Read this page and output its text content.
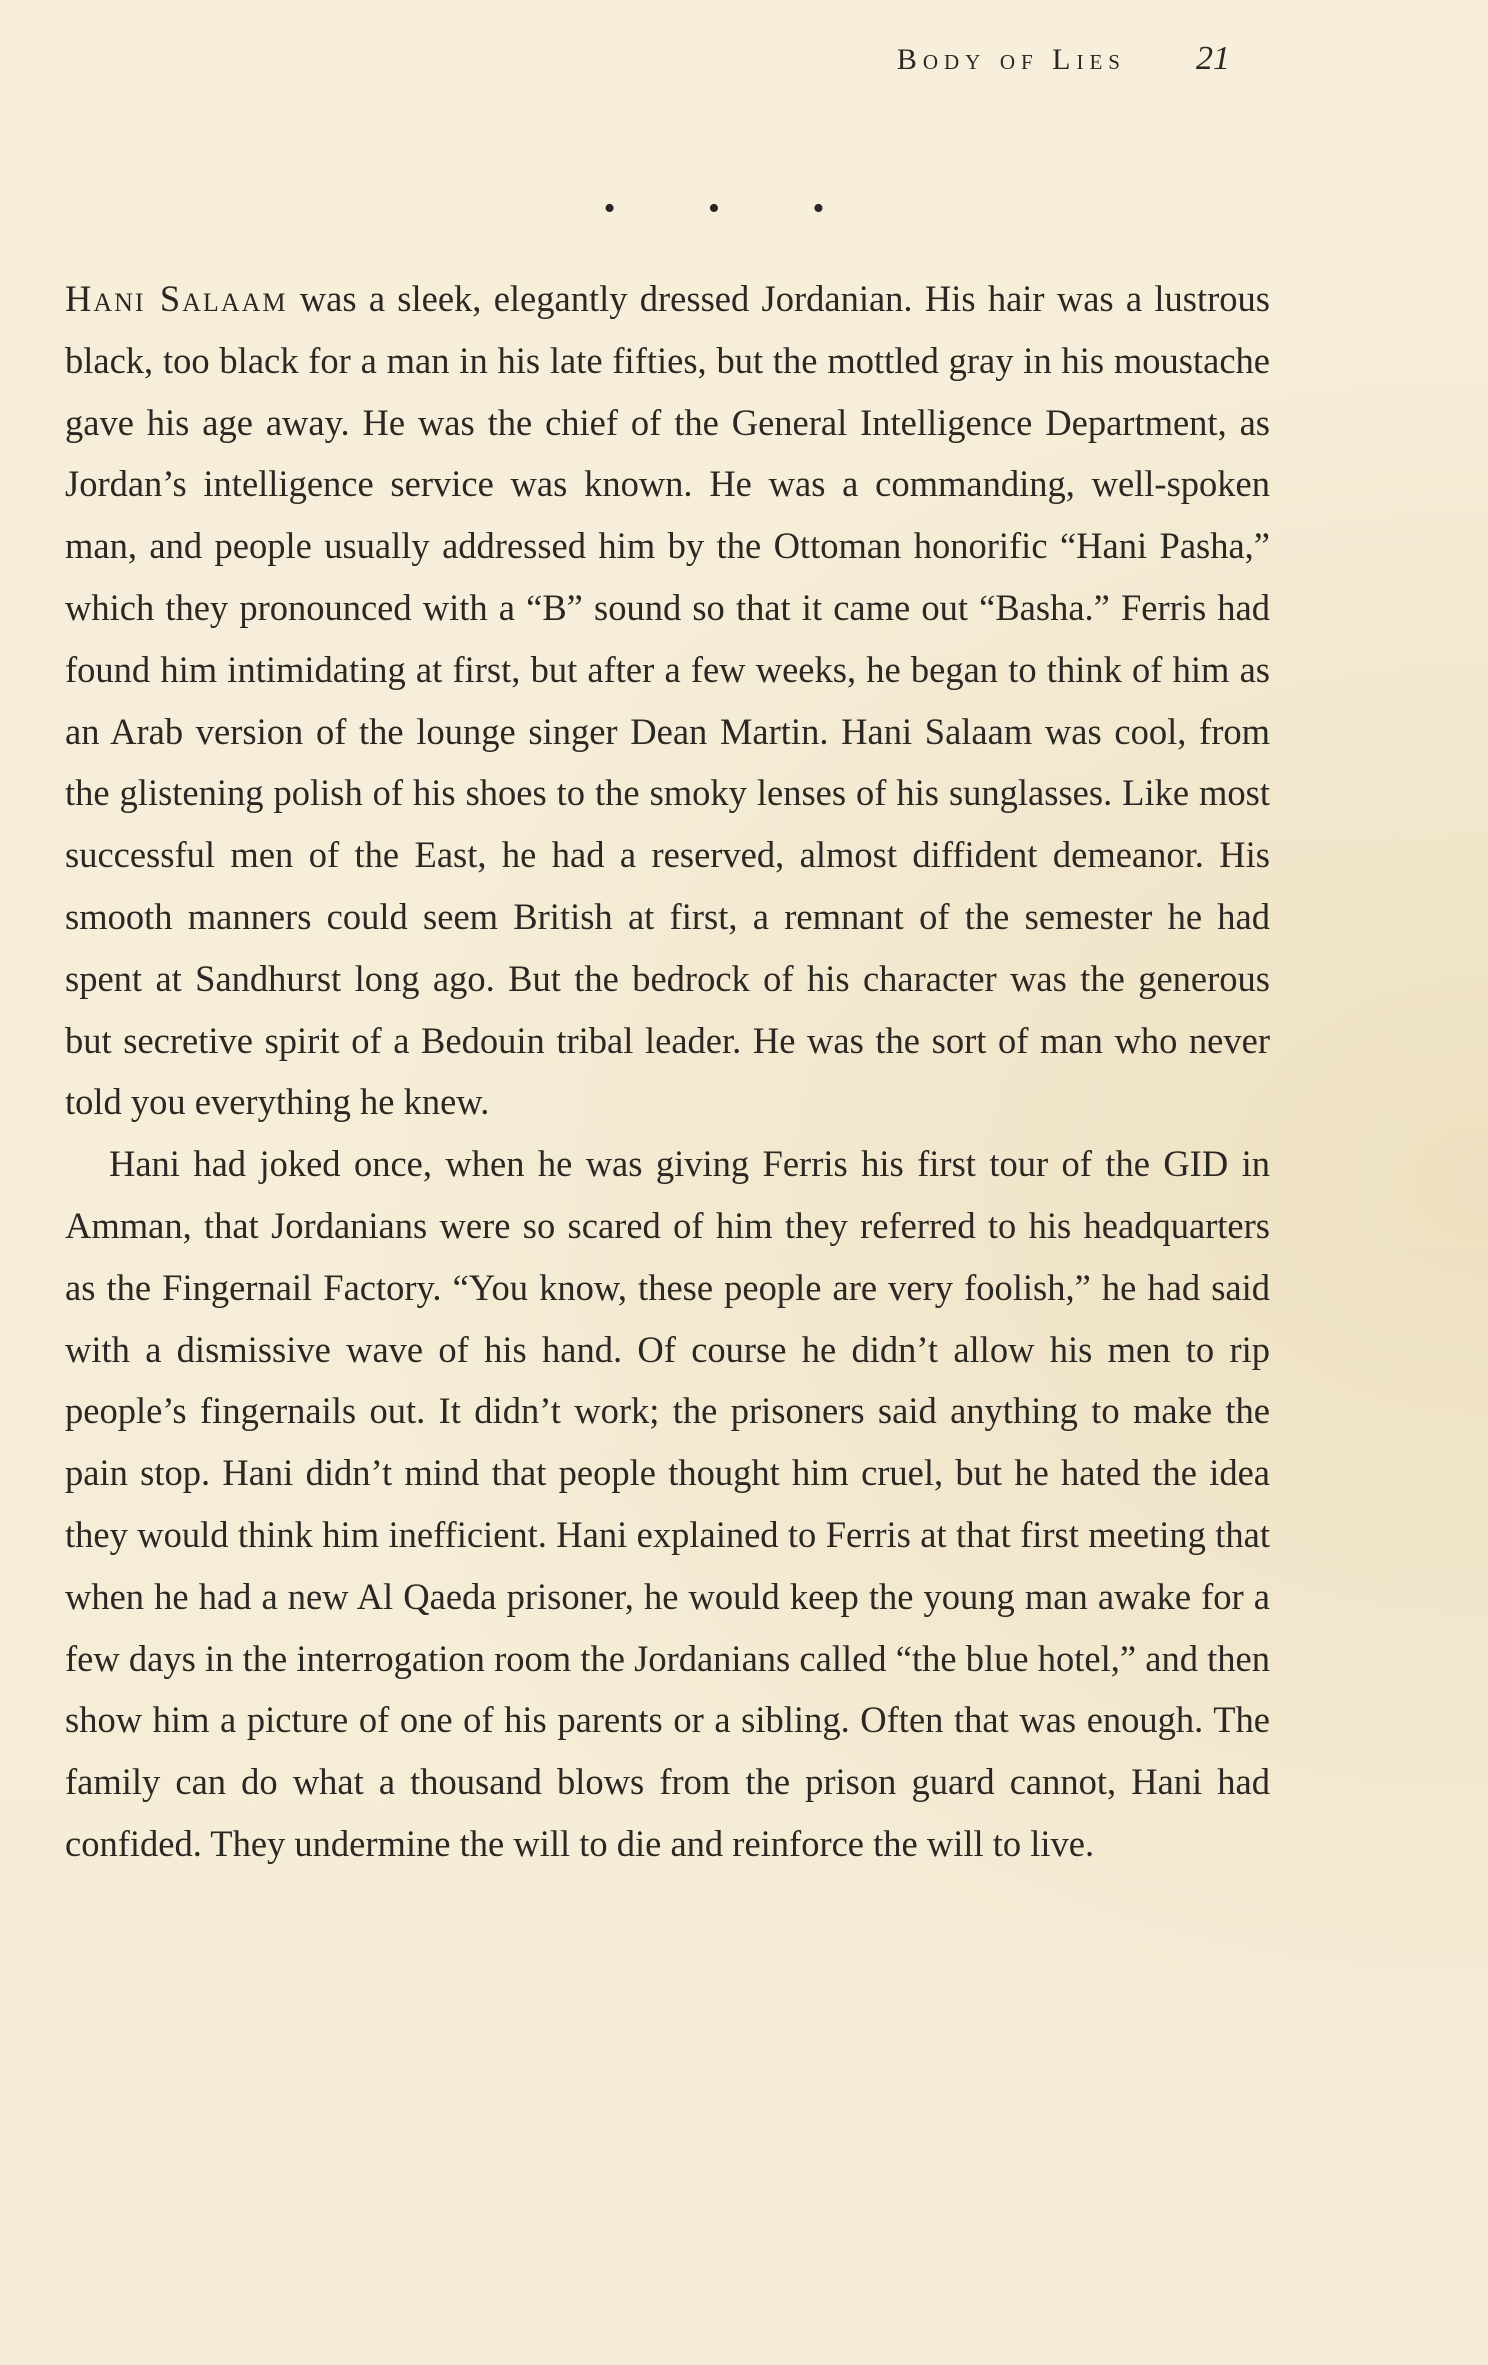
Body of Lies 21
• • •

Hani Salaam was a sleek, elegantly dressed Jordanian. His hair was a lustrous black, too black for a man in his late fifties, but the mottled gray in his moustache gave his age away. He was the chief of the General Intelligence Department, as Jordan’s intelligence service was known. He was a commanding, well-spoken man, and people usually addressed him by the Ottoman honorific “Hani Pasha,” which they pronounced with a “B” sound so that it came out “Basha.” Ferris had found him intimidating at first, but after a few weeks, he began to think of him as an Arab version of the lounge singer Dean Martin. Hani Salaam was cool, from the glistening polish of his shoes to the smoky lenses of his sunglasses. Like most successful men of the East, he had a reserved, almost diffident demeanor. His smooth manners could seem British at first, a remnant of the semester he had spent at Sandhurst long ago. But the bedrock of his character was the generous but secretive spirit of a Bedouin tribal leader. He was the sort of man who never told you everything he knew.

Hani had joked once, when he was giving Ferris his first tour of the GID in Amman, that Jordanians were so scared of him they referred to his headquarters as the Fingernail Factory. “You know, these people are very foolish,” he had said with a dismissive wave of his hand. Of course he didn’t allow his men to rip people’s fingernails out. It didn’t work; the prisoners said anything to make the pain stop. Hani didn’t mind that people thought him cruel, but he hated the idea they would think him inefficient. Hani explained to Ferris at that first meeting that when he had a new Al Qaeda prisoner, he would keep the young man awake for a few days in the interrogation room the Jordanians called “the blue hotel,” and then show him a picture of one of his parents or a sibling. Often that was enough. The family can do what a thousand blows from the prison guard cannot, Hani had confided. They undermine the will to die and reinforce the will to live.
